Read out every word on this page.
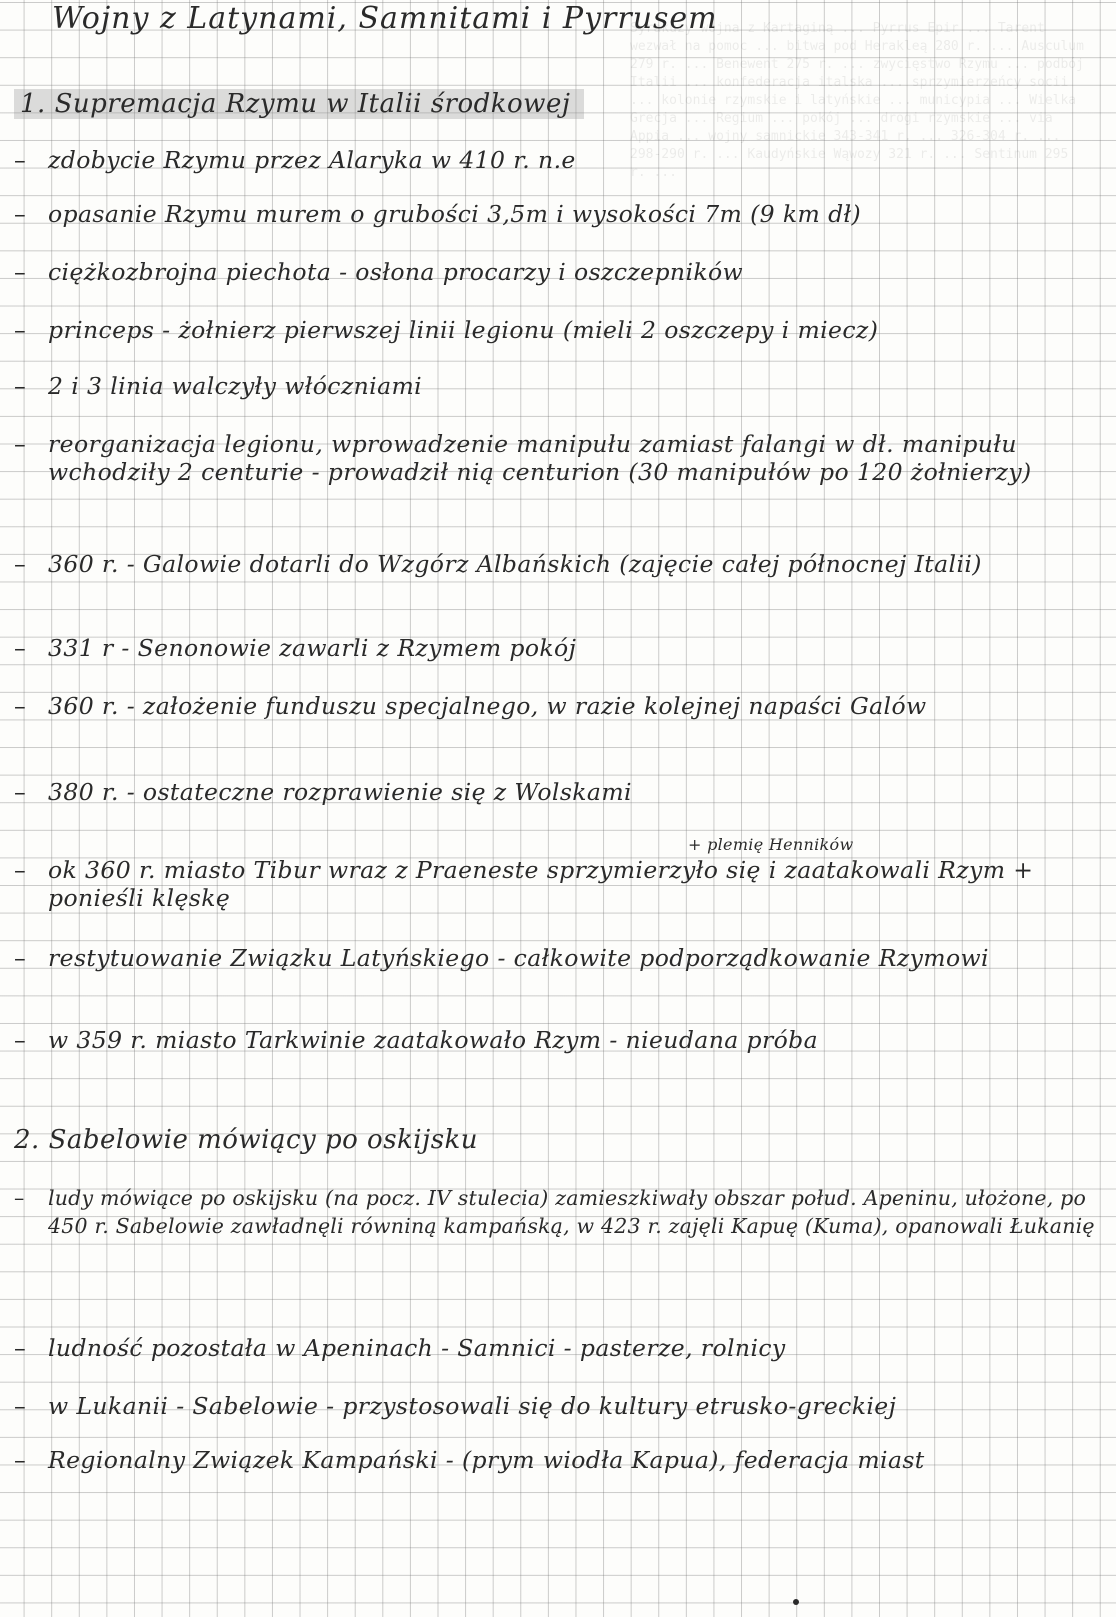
Syrakuzy wojna z Kartaginą ... Pyrrus Epir ... Tarent wezwał na pomoc ... bitwa pod Herakleą 280 r. ... Ausculum 279 r. ... Benewent 275 r. ... zwycięstwo Rzymu ... podbój Italii ... konfederacja italska ... sprzymierzeńcy socii ... kolonie rzymskie i latyńskie ... municypia ... Wielka Grecja ... Regium ... pokój ... drogi rzymskie ... via Appia ... wojny samnickie 343-341 r. ... 326-304 r. ... 298-290 r. ... Kaudyńskie Wąwozy 321 r. ... Sentinum 295 r. ...
Wojny z Latynami, Samnitami i Pyrrusem
1. Supremacja Rzymu w Italii środkowej
– zdobycie Rzymu przez Alaryka w 410 r. n.e
– opasanie Rzymu murem o grubości 3,5m i wysokości 7m (9 km dł)
– ciężkozbrojna piechota - osłona procarzy i oszczepników
– princeps - żołnierz pierwszej linii legionu (mieli 2 oszczepy i miecz)
– 2 i 3 linia walczyły włóczniami
– reorganizacja legionu, wprowadzenie manipułu zamiast falangi w dł. manipułu wchodziły 2 centurie - prowadził nią centurion (30 manipułów po 120 żołnierzy)
– 360 r. - Galowie dotarli do Wzgórz Albańskich (zajęcie całej północnej Italii)
– 331 r - Senonowie zawarli z Rzymem pokój
– 360 r. - założenie funduszu specjalnego, w razie kolejnej napaści Galów
– 380 r. - ostateczne rozprawienie się z Wolskami
+ plemię Henników
– ok 360 r. miasto Tibur wraz z Praeneste sprzymierzyło się i zaatakowali Rzym + ponieśli klęskę
– restytuowanie Związku Latyńskiego - całkowite podporządkowanie Rzymowi
– w 359 r. miasto Tarkwinie zaatakowało Rzym - nieudana próba
2. Sabelowie mówiący po oskijsku
–	ludy mówiące po oskijsku (na pocz. IV stulecia) zamieszkiwały obszar połud. Apeninu, ułożone, po 450 r. Sabelowie zawładnęli równiną kampańską, w 423 r. zajęli Kapuę (Kuma), opanowali Łukanię
– ludność pozostała w Apeninach - Samnici - pasterze, rolnicy
– w Lukanii - Sabelowie - przystosowali się do kultury etrusko-greckiej
– Regionalny Związek Kampański - (prym wiodła Kapua), federacja miast
